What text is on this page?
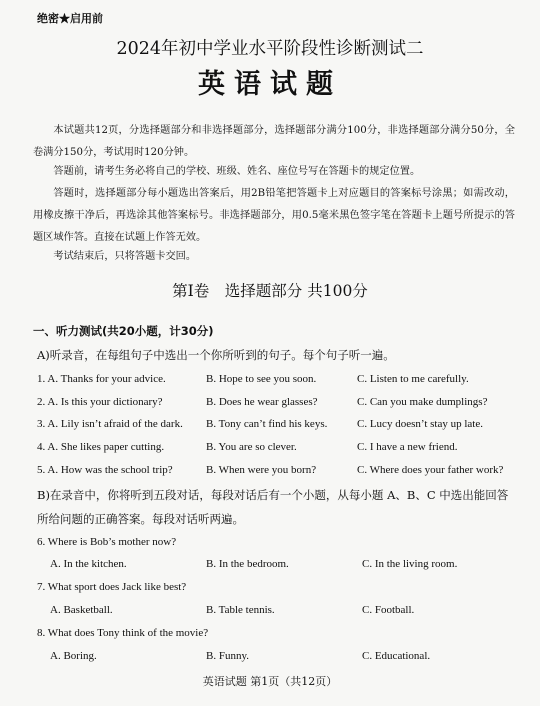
绝密★启用前
2024年初中学业水平阶段性诊断测试二
英语试题
本试题共12页，分选择题部分和非选择题部分，选择题部分满分100分，非选择题部分满分50分，全卷满分150分，考试用时120分钟。
答题前，请考生务必将自己的学校、班级、姓名、座位号写在答题卡的规定位置。
答题时，选择题部分每小题选出答案后，用2B铅笔把答题卡上对应题目的答案标号涂黑；如需改动，用橡皮擦干净后，再选涂其他答案标号。非选择题部分，用0.5毫米黑色签字笔在答题卡上题号所提示的答题区域作答。直接在试题上作答无效。
考试结束后，只将答题卡交回。
第Ⅰ卷　选择题部分 共100分
一、听力测试(共20小题，计30分)
A)听录音，在每组句子中选出一个你所听到的句子。每个句子听一遍。
1. A. Thanks for your advice.	B. Hope to see you soon.	C. Listen to me carefully.
2. A. Is this your dictionary?	B. Does he wear glasses?	C. Can you make dumplings?
3. A. Lily isn’t afraid of the dark. B. Tony can’t find his keys.	C. Lucy doesn’t stay up late.
4. A. She likes paper cutting.	B. You are so clever.	C. I have a new friend.
5. A. How was the school trip?	B. When were you born?	C. Where does your father work?
B)在录音中，你将听到五段对话，每段对话后有一个小题，从每小题 A、B、C 中选出能回答所给问题的正确答案。每段对话听两遍。
6. Where is Bob’s mother now?
A. In the kitchen.	B. In the bedroom.	C. In the living room.
7. What sport does Jack like best?
A. Basketball.	B. Table tennis.	C. Football.
8. What does Tony think of the movie?
A. Boring.	B. Funny.	C. Educational.
英语试题 第1页（共12页）
